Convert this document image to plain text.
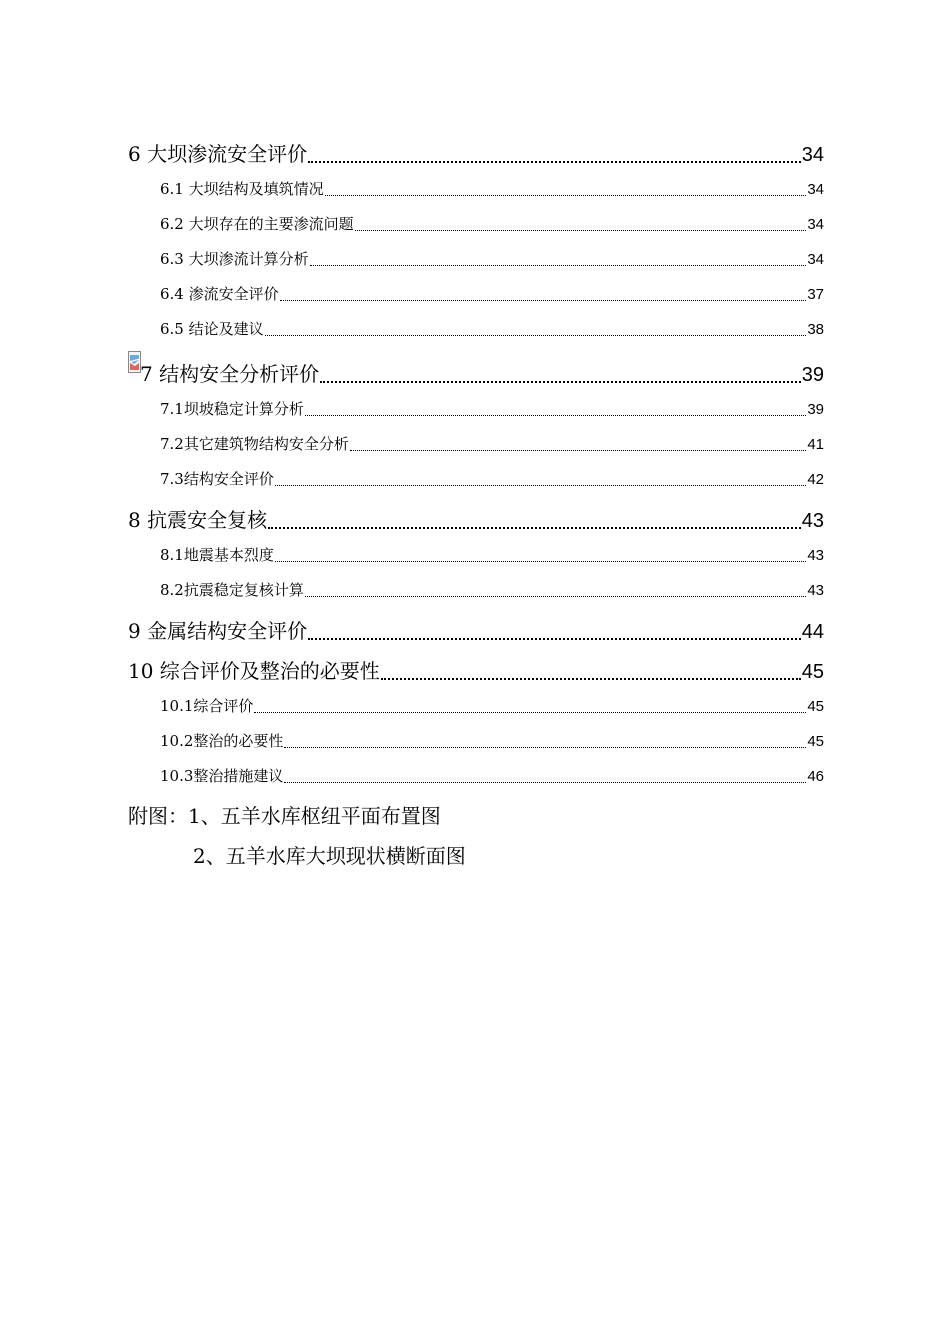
6 大坝渗流安全评价	34
6.1 大坝结构及填筑情况	34
6.2 大坝存在的主要渗流问题	34
6.3 大坝渗流计算分析	34
6.4 渗流安全评价	37
6.5 结论及建议	38
7 结构安全分析评价	39
7.1坝坡稳定计算分析	39
7.2其它建筑物结构安全分析	41
7.3结构安全评价	42
8 抗震安全复核	43
8.1地震基本烈度	43
8.2抗震稳定复核计算	43
9 金属结构安全评价	44
10 综合评价及整治的必要性	45
10.1综合评价	45
10.2整治的必要性	45
10.3整治措施建议	46
附图：1、五羊水库枢纽平面布置图
2、五羊水库大坝现状横断面图
